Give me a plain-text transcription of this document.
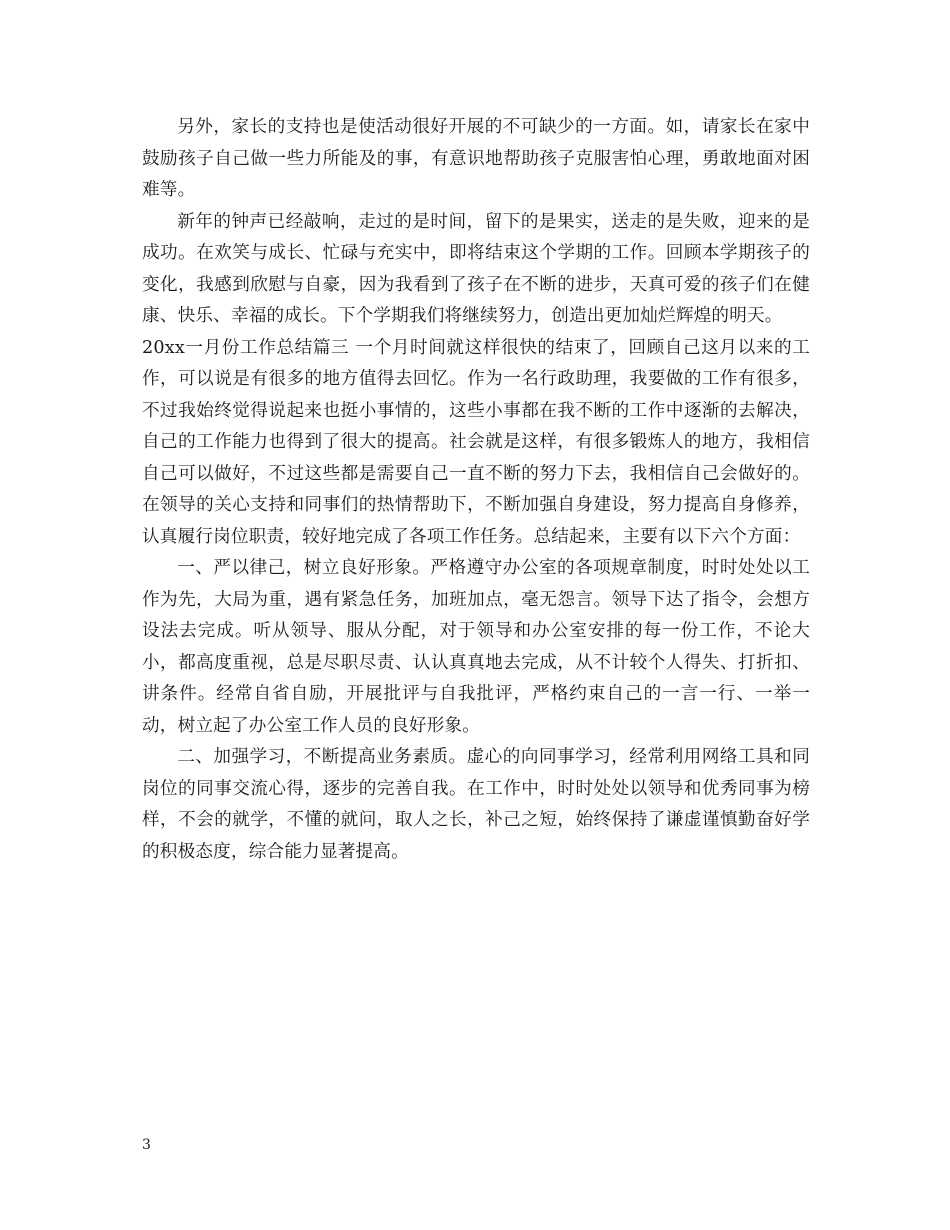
另外，家长的支持也是使活动很好开展的不可缺少的一方面。如，请家长在家中鼓励孩子自己做一些力所能及的事，有意识地帮助孩子克服害怕心理，勇敢地面对困难等。

新年的钟声已经敲响，走过的是时间，留下的是果实，送走的是失败，迎来的是成功。在欢笑与成长、忙碌与充实中，即将结束这个学期的工作。回顾本学期孩子的变化，我感到欣慰与自豪，因为我看到了孩子在不断的进步，天真可爱的孩子们在健康、快乐、幸福的成长。下个学期我们将继续努力，创造出更加灿烂辉煌的明天。

20xx一月份工作总结篇三 一个月时间就这样很快的结束了，回顾自己这月以来的工作，可以说是有很多的地方值得去回忆。作为一名行政助理，我要做的工作有很多，不过我始终觉得说起来也挺小事情的，这些小事都在我不断的工作中逐渐的去解决，自己的工作能力也得到了很大的提高。社会就是这样，有很多锻炼人的地方，我相信自己可以做好，不过这些都是需要自己一直不断的努力下去，我相信自己会做好的。在领导的关心支持和同事们的热情帮助下，不断加强自身建设，努力提高自身修养，认真履行岗位职责，较好地完成了各项工作任务。总结起来，主要有以下六个方面：

一、严以律己，树立良好形象。严格遵守办公室的各项规章制度，时时处处以工作为先，大局为重，遇有紧急任务，加班加点，毫无怨言。领导下达了指令，会想方设法去完成。听从领导、服从分配，对于领导和办公室安排的每一份工作，不论大小，都高度重视，总是尽职尽责、认认真真地去完成，从不计较个人得失、打折扣、讲条件。经常自省自励，开展批评与自我批评，严格约束自己的一言一行、一举一动，树立起了办公室工作人员的良好形象。

二、加强学习，不断提高业务素质。虚心的向同事学习，经常利用网络工具和同岗位的同事交流心得，逐步的完善自我。在工作中，时时处处以领导和优秀同事为榜样，不会的就学，不懂的就问，取人之长，补己之短，始终保持了谦虚谨慎勤奋好学的积极态度，综合能力显著提高。

3
